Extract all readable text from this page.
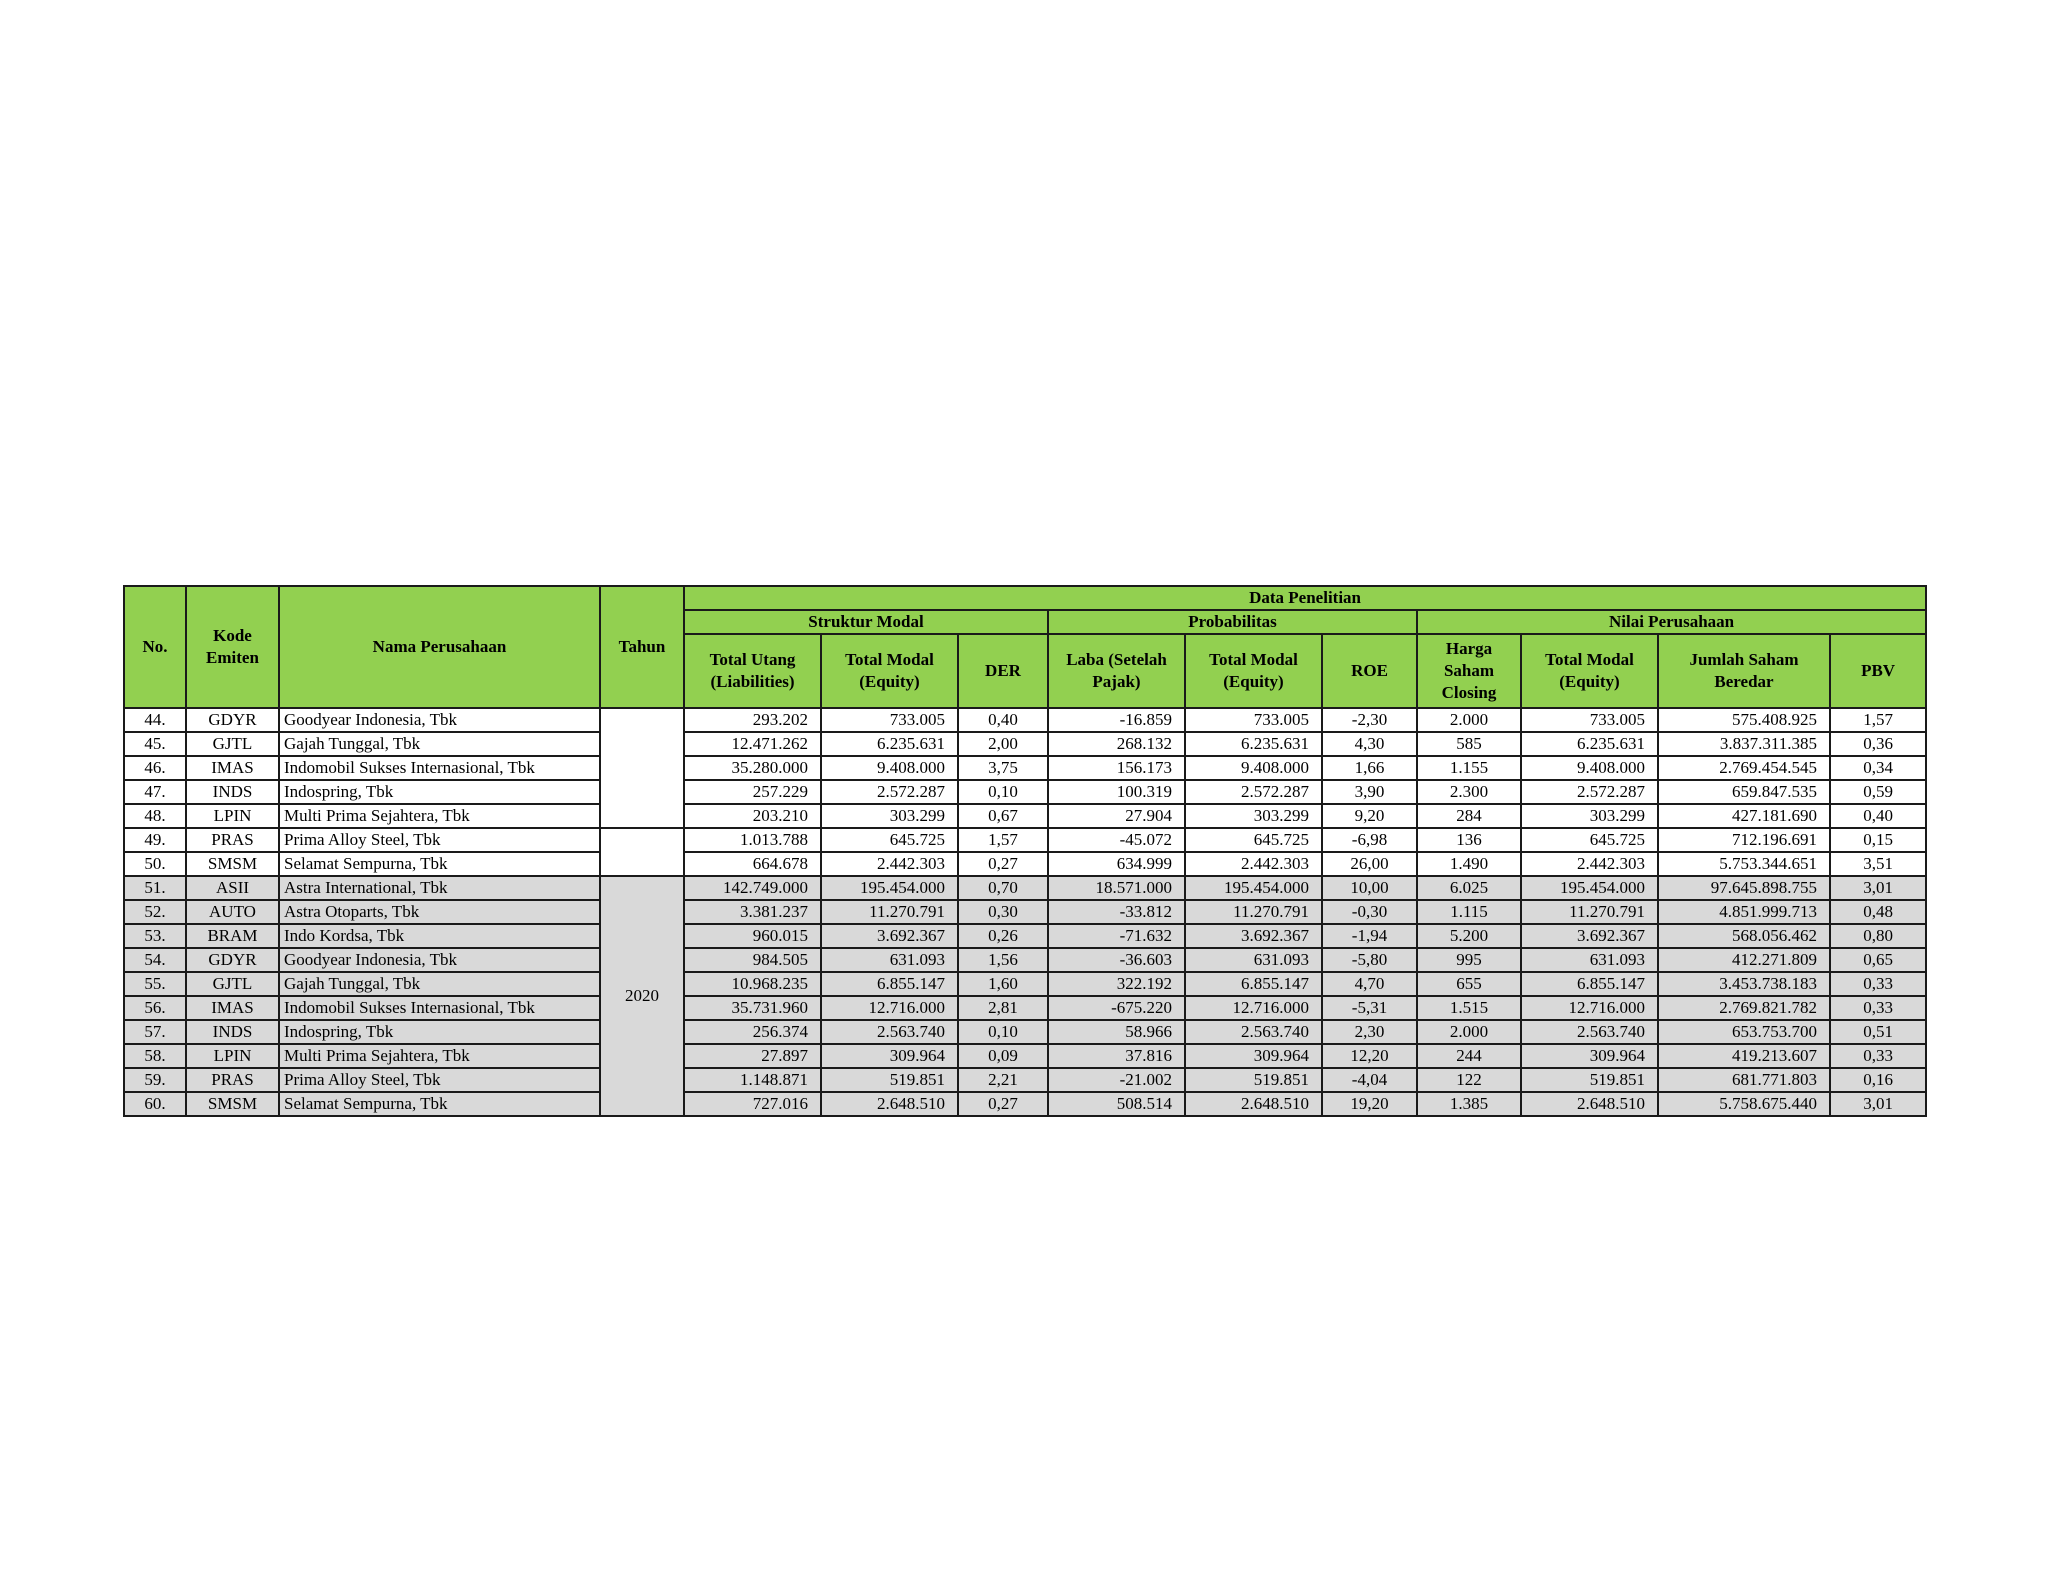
No.	Kode Emiten	Nama Perusahaan	Tahun	Data Penelitian									
				Struktur Modal			Probabilitas			Nilai Perusahaan			
				Total Utang (Liabilities)	Total Modal (Equity)	DER	Laba (Setelah Pajak)	Total Modal (Equity)	ROE	Harga Saham Closing	Total Modal (Equity)	Jumlah Saham Beredar	PBV
44.	GDYR	Goodyear Indonesia, Tbk		293.202	733.005	0,40	-16.859	733.005	-2,30	2.000	733.005	575.408.925	1,57
45.	GJTL	Gajah Tunggal, Tbk		12.471.262	6.235.631	2,00	268.132	6.235.631	4,30	585	6.235.631	3.837.311.385	0,36
46.	IMAS	Indomobil Sukses Internasional, Tbk		35.280.000	9.408.000	3,75	156.173	9.408.000	1,66	1.155	9.408.000	2.769.454.545	0,34
47.	INDS	Indospring, Tbk		257.229	2.572.287	0,10	100.319	2.572.287	3,90	2.300	2.572.287	659.847.535	0,59
48.	LPIN	Multi Prima Sejahtera, Tbk		203.210	303.299	0,67	27.904	303.299	9,20	284	303.299	427.181.690	0,40
49.	PRAS	Prima Alloy Steel, Tbk		1.013.788	645.725	1,57	-45.072	645.725	-6,98	136	645.725	712.196.691	0,15
50.	SMSM	Selamat Sempurna, Tbk		664.678	2.442.303	0,27	634.999	2.442.303	26,00	1.490	2.442.303	5.753.344.651	3,51
51.	ASII	Astra International, Tbk	2020	142.749.000	195.454.000	0,70	18.571.000	195.454.000	10,00	6.025	195.454.000	97.645.898.755	3,01
52.	AUTO	Astra Otoparts, Tbk		3.381.237	11.270.791	0,30	-33.812	11.270.791	-0,30	1.115	11.270.791	4.851.999.713	0,48
53.	BRAM	Indo Kordsa, Tbk		960.015	3.692.367	0,26	-71.632	3.692.367	-1,94	5.200	3.692.367	568.056.462	0,80
54.	GDYR	Goodyear Indonesia, Tbk		984.505	631.093	1,56	-36.603	631.093	-5,80	995	631.093	412.271.809	0,65
55.	GJTL	Gajah Tunggal, Tbk		10.968.235	6.855.147	1,60	322.192	6.855.147	4,70	655	6.855.147	3.453.738.183	0,33
56.	IMAS	Indomobil Sukses Internasional, Tbk		35.731.960	12.716.000	2,81	-675.220	12.716.000	-5,31	1.515	12.716.000	2.769.821.782	0,33
57.	INDS	Indospring, Tbk		256.374	2.563.740	0,10	58.966	2.563.740	2,30	2.000	2.563.740	653.753.700	0,51
58.	LPIN	Multi Prima Sejahtera, Tbk		27.897	309.964	0,09	37.816	309.964	12,20	244	309.964	419.213.607	0,33
59.	PRAS	Prima Alloy Steel, Tbk		1.148.871	519.851	2,21	-21.002	519.851	-4,04	122	519.851	681.771.803	0,16
60.	SMSM	Selamat Sempurna, Tbk		727.016	2.648.510	0,27	508.514	2.648.510	19,20	1.385	2.648.510	5.758.675.440	3,01
